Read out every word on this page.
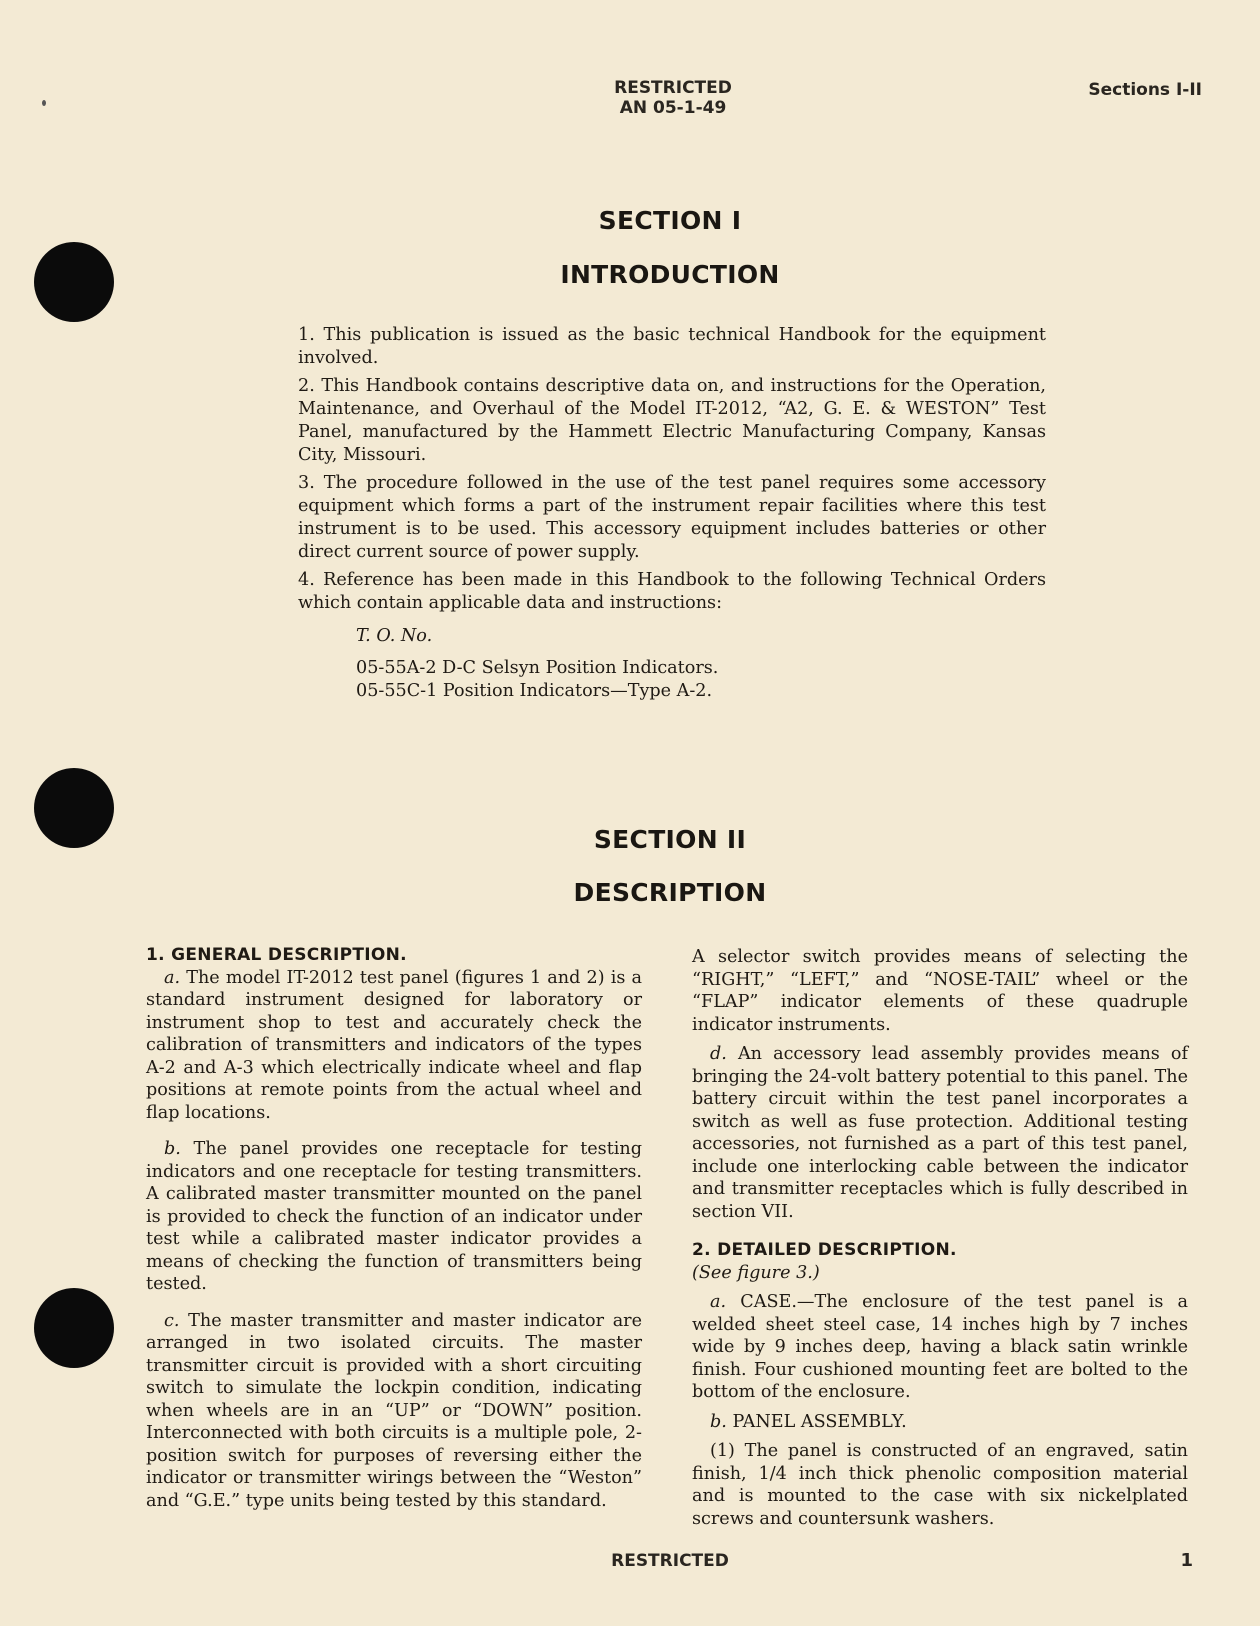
RESTRICTED
AN 05-1-49
Sections I-II
SECTION I
INTRODUCTION

1. This publication is issued as the basic technical Handbook for the equipment involved.

2. This Handbook contains descriptive data on, and instructions for the Operation, Maintenance, and Overhaul of the Model IT-2012, “A2, G. E. & WESTON” Test Panel, manufactured by the Hammett Electric Manufacturing Company, Kansas City, Missouri.

3. The procedure followed in the use of the test panel requires some accessory equipment which forms a part of the instrument repair facilities where this test instrument is to be used. This accessory equipment includes batteries or other direct current source of power supply.

4. Reference has been made in this Handbook to the following Technical Orders which contain applicable data and instructions:

T. O. No.

05-55A-2 D-C Selsyn Position Indicators.

05-55C-1 Position Indicators—Type A-2.

SECTION II
DESCRIPTION

1. GENERAL DESCRIPTION.

a. The model IT-2012 test panel (figures 1 and 2) is a standard instrument designed for laboratory or instrument shop to test and accurately check the calibration of transmitters and indicators of the types A-2 and A-3 which electrically indicate wheel and flap positions at remote points from the actual wheel and flap locations.

b. The panel provides one receptacle for testing indicators and one receptacle for testing transmitters. A calibrated master transmitter mounted on the panel is provided to check the function of an indicator under test while a calibrated master indicator provides a means of checking the function of transmitters being tested.

c. The master transmitter and master indicator are arranged in two isolated circuits. The master transmitter circuit is provided with a short circuiting switch to simulate the lockpin condition, indicating when wheels are in an “UP” or “DOWN” position. Interconnected with both circuits is a multiple pole, 2-position switch for purposes of reversing either the indicator or transmitter wirings between the “Weston” and “G.E.” type units being tested by this standard.

A selector switch provides means of selecting the “RIGHT,” “LEFT,” and “NOSE-TAIL” wheel or the “FLAP” indicator elements of these quadruple indicator instruments.

d. An accessory lead assembly provides means of bringing the 24-volt battery potential to this panel. The battery circuit within the test panel incorporates a switch as well as fuse protection. Additional testing accessories, not furnished as a part of this test panel, include one interlocking cable between the indicator and transmitter receptacles which is fully described in section VII.

2. DETAILED DESCRIPTION.

(See figure 3.)

a. CASE.—The enclosure of the test panel is a welded sheet steel case, 14 inches high by 7 inches wide by 9 inches deep, having a black satin wrinkle finish. Four cushioned mounting feet are bolted to the bottom of the enclosure.

b. PANEL ASSEMBLY.

(1) The panel is constructed of an engraved, satin finish, 1/4 inch thick phenolic composition material and is mounted to the case with six nickelplated screws and countersunk washers.

RESTRICTED	1
